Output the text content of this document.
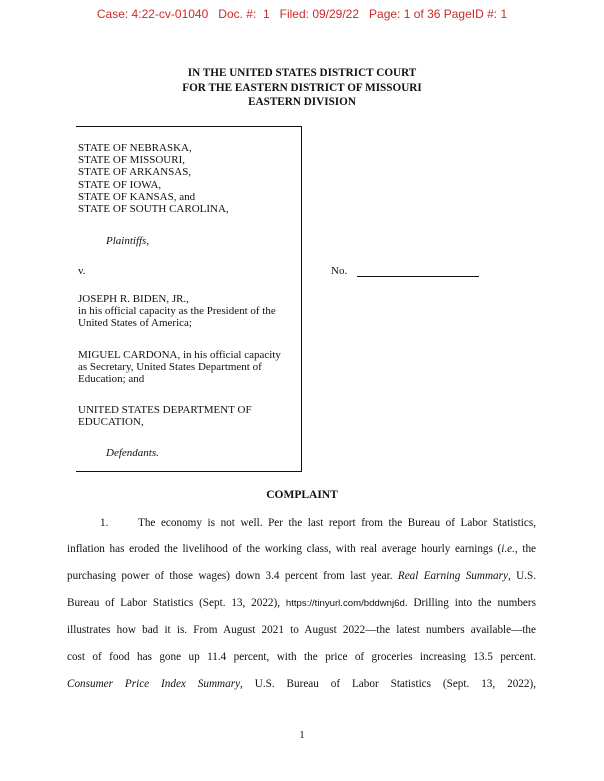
Case: 4:22-cv-01040   Doc. #:  1   Filed: 09/29/22   Page: 1 of 36 PageID #: 1
IN THE UNITED STATES DISTRICT COURT
FOR THE EASTERN DISTRICT OF MISSOURI
EASTERN DIVISION
STATE OF NEBRASKA,
STATE OF MISSOURI,
STATE OF ARKANSAS,
STATE OF IOWA,
STATE OF KANSAS, and
STATE OF SOUTH CAROLINA,
Plaintiffs,
v.	No.
JOSEPH R. BIDEN, JR.,
in his official capacity as the President of the
United States of America;
MIGUEL CARDONA, in his official capacity
as Secretary, United States Department of
Education; and
UNITED STATES DEPARTMENT OF
EDUCATION,
Defendants.
COMPLAINT
1.	The economy is not well. Per the last report from the Bureau of Labor Statistics,
inflation has eroded the livelihood of the working class, with real average hourly earnings (i.e., the
purchasing power of those wages) down 3.4 percent from last year. Real Earning Summary, U.S.
Bureau of Labor Statistics (Sept. 13, 2022), https://tinyurl.com/bddwnj6d. Drilling into the numbers
illustrates how bad it is. From August 2021 to August 2022—the latest numbers available—the
cost of food has gone up 11.4 percent, with the price of groceries increasing 13.5 percent.
Consumer Price Index Summary, U.S. Bureau of Labor Statistics (Sept. 13, 2022),
1
